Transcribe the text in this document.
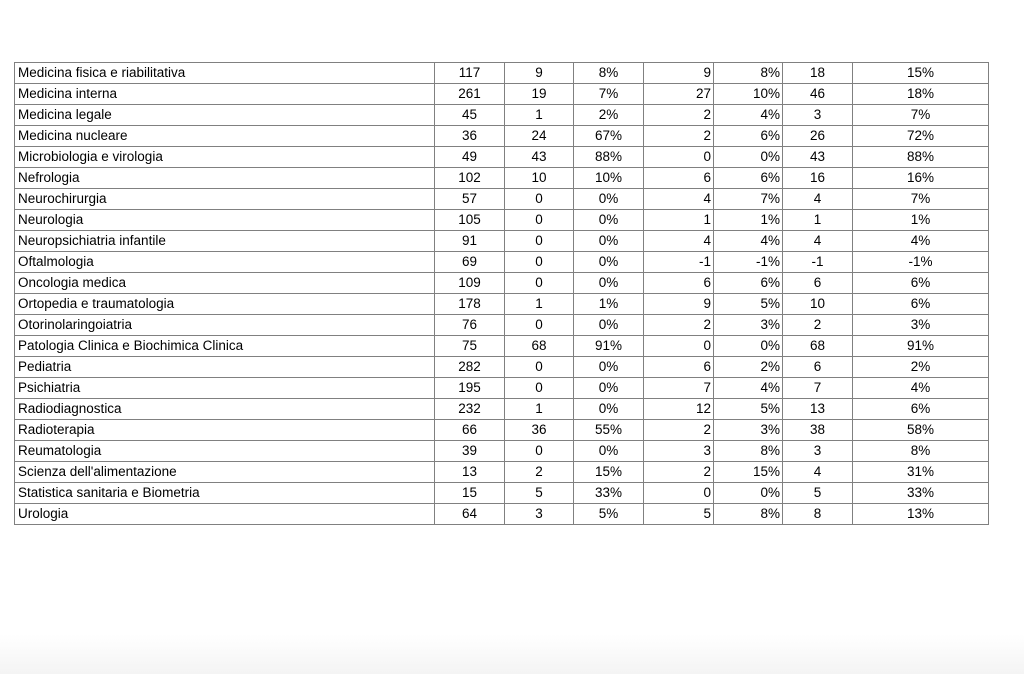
Medicina fisica e riabilitativa	117	9	8%	9	8%	18	15%
Medicina interna	261	19	7%	27	10%	46	18%
Medicina legale	45	1	2%	2	4%	3	7%
Medicina nucleare	36	24	67%	2	6%	26	72%
Microbiologia e virologia	49	43	88%	0	0%	43	88%
Nefrologia	102	10	10%	6	6%	16	16%
Neurochirurgia	57	0	0%	4	7%	4	7%
Neurologia	105	0	0%	1	1%	1	1%
Neuropsichiatria infantile	91	0	0%	4	4%	4	4%
Oftalmologia	69	0	0%	-1	-1%	-1	-1%
Oncologia medica	109	0	0%	6	6%	6	6%
Ortopedia e traumatologia	178	1	1%	9	5%	10	6%
Otorinolaringoiatria	76	0	0%	2	3%	2	3%
Patologia Clinica e Biochimica Clinica	75	68	91%	0	0%	68	91%
Pediatria	282	0	0%	6	2%	6	2%
Psichiatria	195	0	0%	7	4%	7	4%
Radiodiagnostica	232	1	0%	12	5%	13	6%
Radioterapia	66	36	55%	2	3%	38	58%
Reumatologia	39	0	0%	3	8%	3	8%
Scienza dell'alimentazione	13	2	15%	2	15%	4	31%
Statistica sanitaria e Biometria	15	5	33%	0	0%	5	33%
Urologia	64	3	5%	5	8%	8	13%
